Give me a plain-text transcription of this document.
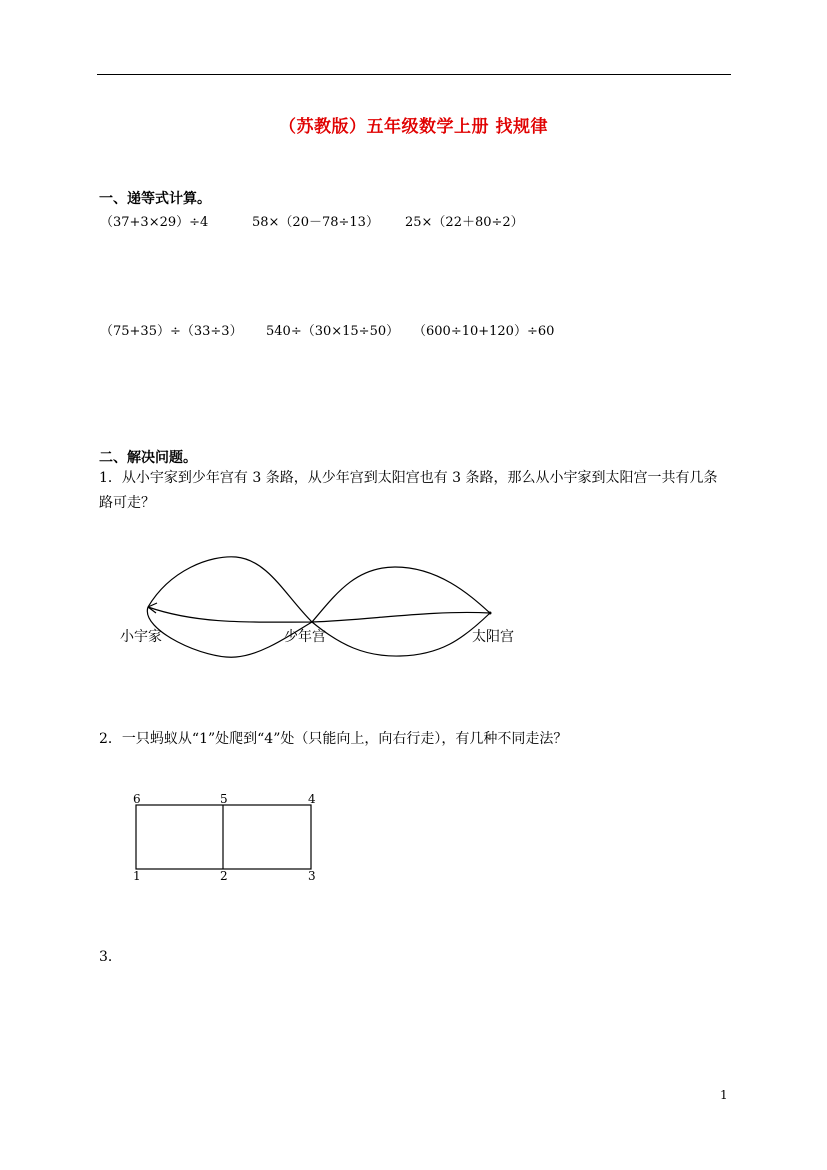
（苏教版）五年级数学上册 找规律
一、递等式计算。
（37+3×29）÷4	58×（20－78÷13） 25×（22＋80÷2）
（75+35）÷（33÷3） 540÷（30×15÷50） （600÷10+120）÷60
二、解决问题。
1．从小宇家到少年宫有 3 条路，从少年宫到太阳宫也有 3 条路，那么从小宇家到太阳宫一共有几条
路可走？
2．一只蚂蚁从“1”处爬到“4”处（只能向上，向右行走），有几种不同走法？
3．
小宇家	少年宫	太阳宫
6	5	4
1	2	3
1
